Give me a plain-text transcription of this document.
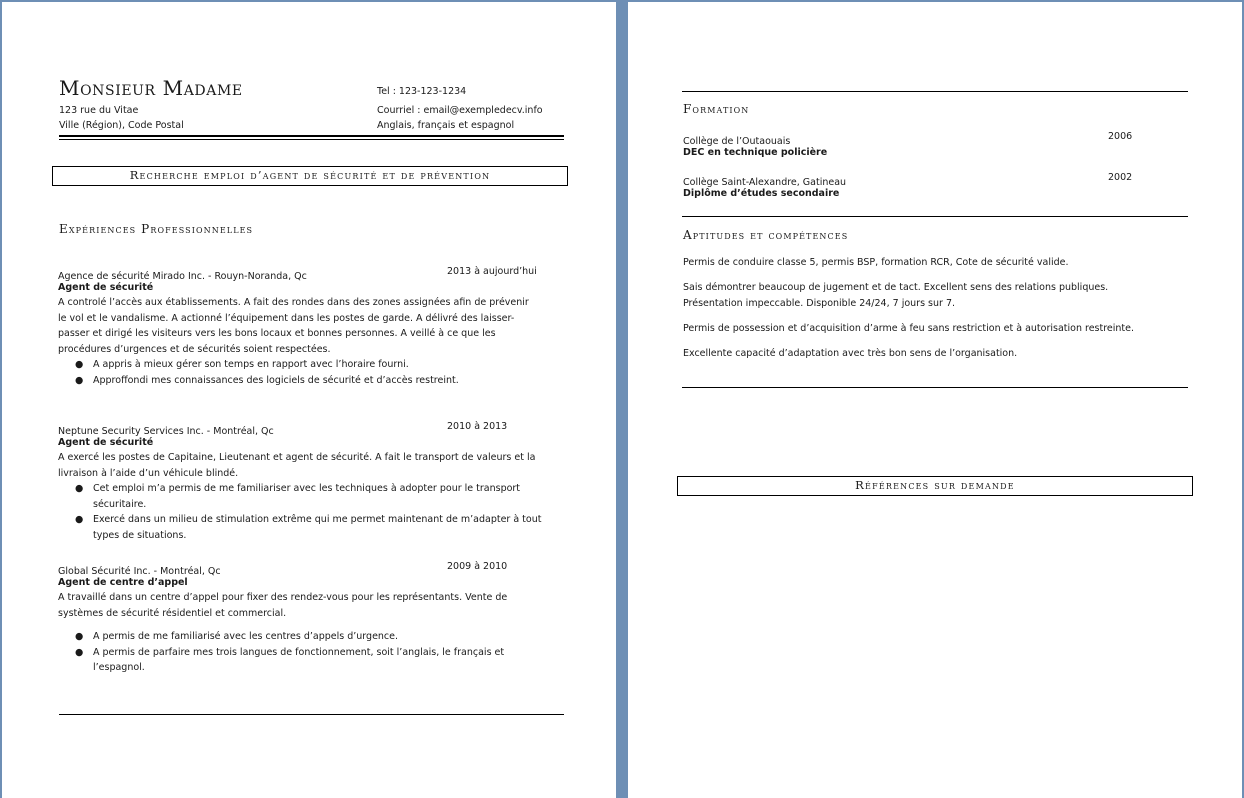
Monsieur Madame
123 rue du Vitae
Ville (Région), Code Postal
Tel : 123-123-1234
Courriel : email@exempledecv.info
Anglais, français et espagnol
Recherche emploi d’agent de sécurité et de prévention
Expériences Professionnelles
Agence de sécurité Mirado Inc. - Rouyn-Noranda, Qc	2013 à aujourd’hui
Agent de sécurité
A controlé l’accès aux établissements. A fait des rondes dans des zones assignées afin de prévenir le vol et le vandalisme. A actionné l’équipement dans les postes de garde. A délivré des laisser-passer et dirigé les visiteurs vers les bons locaux et bonnes personnes. A veillé à ce que les procédures d’urgences et de sécurités soient respectées.
● A appris à mieux gérer son temps en rapport avec l’horaire fourni.
● Approffondi mes connaissances des logiciels de sécurité et d’accès restreint.
Neptune Security Services Inc. - Montréal, Qc	2010 à 2013
Agent de sécurité
A exercé les postes de Capitaine, Lieutenant et agent de sécurité. A fait le transport de valeurs et la livraison à l’aide d’un véhicule blindé.
● Cet emploi m’a permis de me familiariser avec les techniques à adopter pour le transport sécuritaire.
● Exercé dans un milieu de stimulation extrême qui me permet maintenant de m’adapter à tout types de situations.
Global Sécurité Inc. - Montréal, Qc	2009 à 2010
Agent de centre d’appel
A travaillé dans un centre d’appel pour fixer des rendez-vous pour les représentants. Vente de systèmes de sécurité résidentiel et commercial.
● A permis de me familiarisé avec les centres d’appels d’urgence.
● A permis de parfaire mes trois langues de fonctionnement, soit l’anglais, le français et l’espagnol.
Formation
Collège de l’Outaouais	2006
DEC en technique policière
Collège Saint-Alexandre, Gatineau	2002
Diplôme d’études secondaire
Aptitudes et compétences
Permis de conduire classe 5, permis BSP, formation RCR, Cote de sécurité valide.
Sais démontrer beaucoup de jugement et de tact. Excellent sens des relations publiques. Présentation impeccable. Disponible 24/24, 7 jours sur 7.
Permis de possession et d’acquisition d’arme à feu sans restriction et à autorisation restreinte.
Excellente capacité d’adaptation avec très bon sens de l’organisation.
Références sur demande
